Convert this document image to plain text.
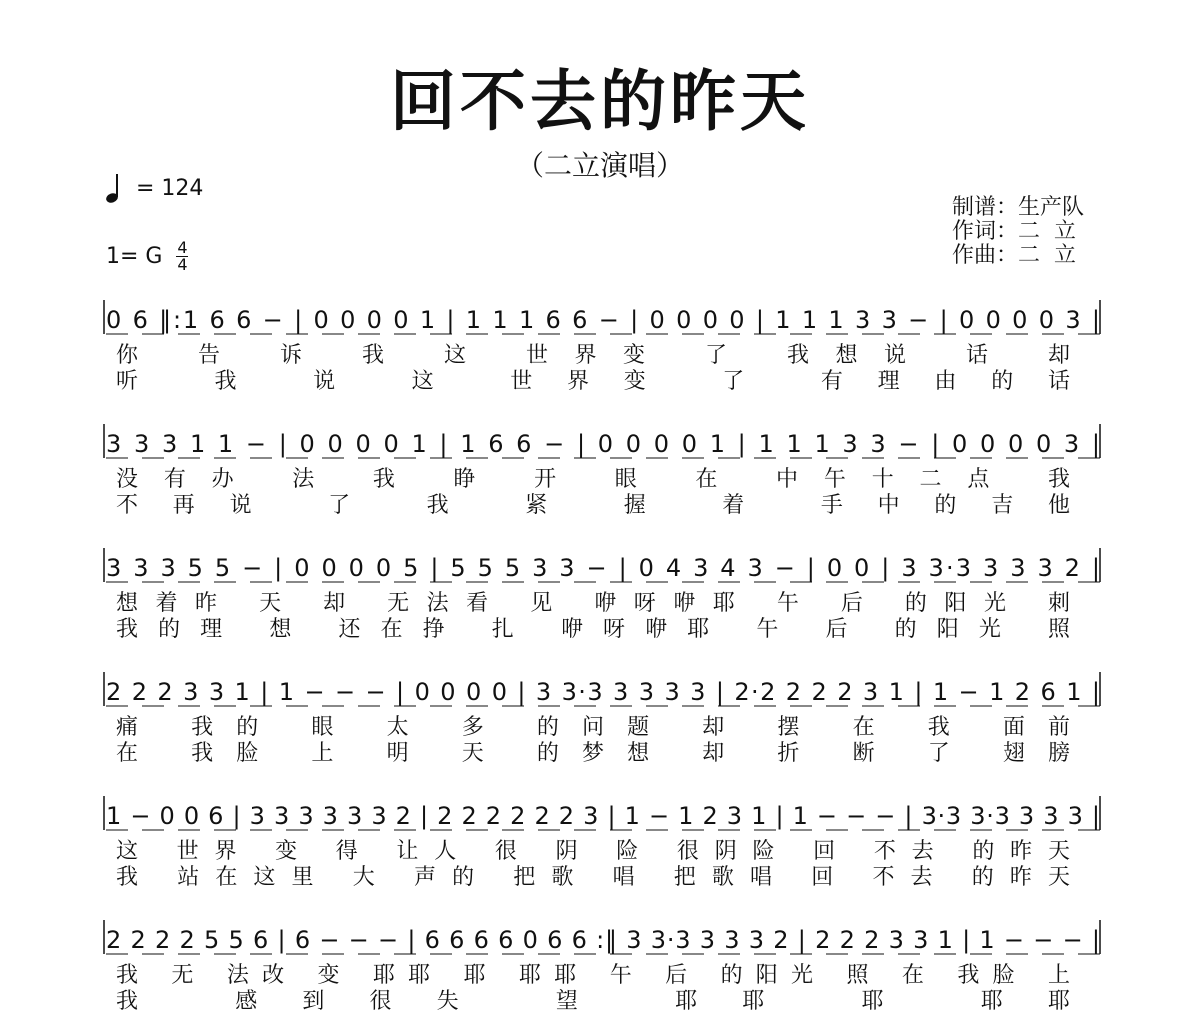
回不去的昨天
（二立演唱）
= 124
1= G 4
4
制谱：生产队
作词：二  立
作曲：二  立
0 6 ‖:1 6 6 − | 0 0 0 0 1 | 1 1 1 6 6 − | 0 0 0 0 | 1 1 1 3 3 − | 0 0 0 0 3 |
你 告 诉 我 这 世界变 了 我想说 话 却
听 我 说 这 世界变 了 有理由的话
3 3 3 1 1 − | 0 0 0 0 1 | 1 6 6 − | 0 0 0 0 1 | 1 1 1 3 3 − | 0 0 0 0 3 |
没有办 法 我 睁 开 眼 在 中午十二点 我
不再说 了 我 紧 握 着 手中的吉他
3 3 3 5 5 − | 0 0 0 0 5 | 5 5 5 3 3 − | 0 4 3 4 3 − | 0 0 | 3 3·3 3 3 3 2 |
想着昨 天 却 无法看 见 咿呀咿耶 午 后 的阳光 刺
我的理 想 还在挣 扎 咿呀咿耶 午 后 的阳光 照
2 2 2 3 3 1 | 1 − − − | 0 0 0 0 | 3 3·3 3 3 3 3 | 2·2 2 2 2 3 1 | 1 − 1 2 6 1 |
痛 我的 眼 太 多 的问题 却 摆 在 我 面前
在 我脸 上 明 天 的梦想 却 折 断 了 翅膀
1 − 0 0 6 | 3 3 3 3 3 3 2 | 2 2 2 2 2 2 3 | 1 − 1 2 3 1 | 1 − − − | 3·3 3·3 3 3 3 |
这 世界 变 得 让人 很 阴 险 很阴险 回 不去 的昨天
我 站在这里 大 声的 把歌 唱 把歌唱 回 不去 的昨天
2 2 2 2 5 5 6 | 6 − − − | 6 6 6 6 0 6 6 :‖ 3 3·3 3 3 3 2 | 2 2 2 3 3 1 | 1 − − − |
我 无 法改 变 耶耶 耶 耶耶 午 后 的阳光 照 在 我脸 上
我 感到很失 望 耶耶 耶 耶耶
